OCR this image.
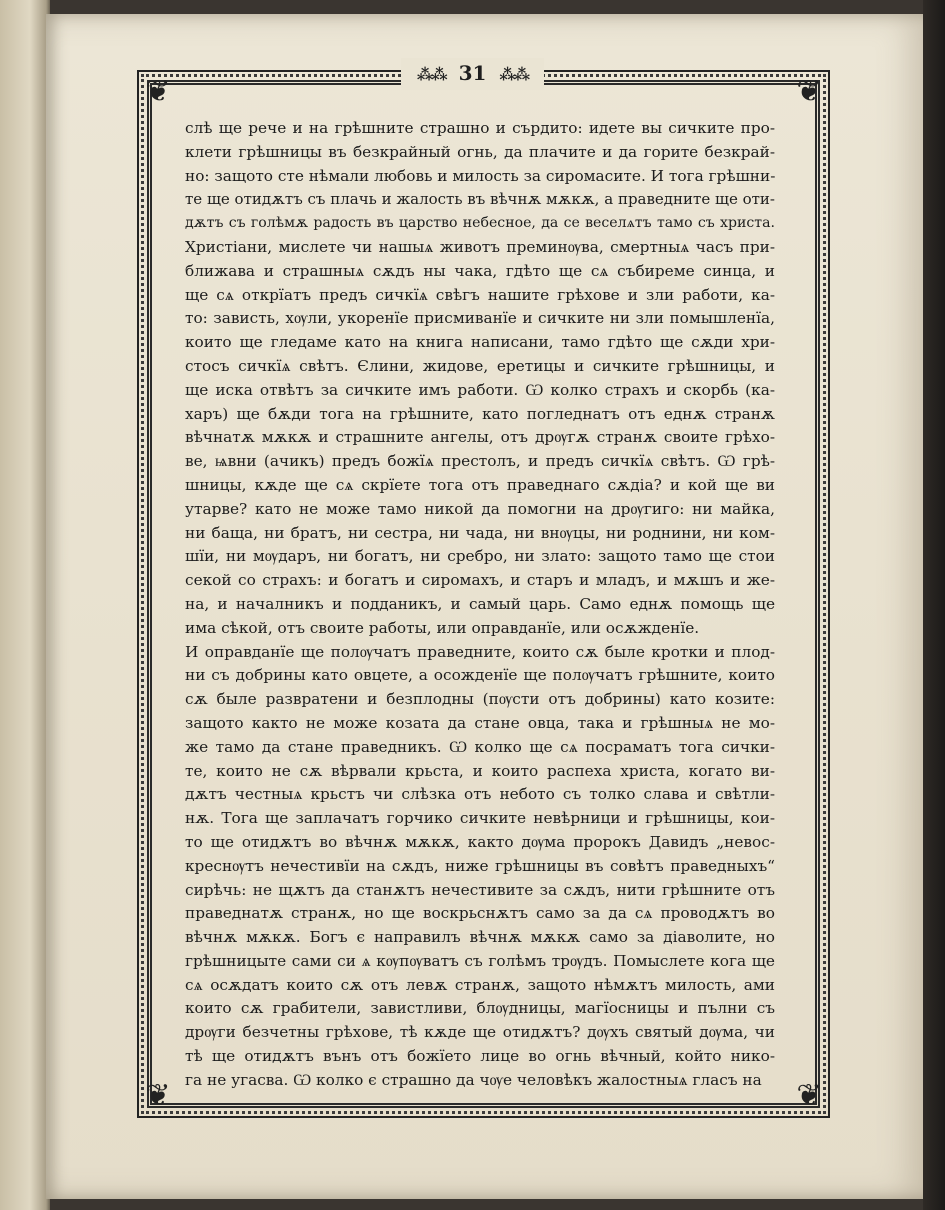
❦	❦
❦	❦
⁂⁂ 31 ⁂⁂
слѣ ще рече и на грѣшните страшно и сърдито: идете вы сичките про-
клети грѣшницы въ безкрайный огнь, да плачите и да горите безкрай-
но: защото сте нѣмали любовь и милость за сиромасите. И тога грѣшни-
те ще отидѫтъ съ плачь и жалость въ вѣчнѫ мѫкѫ, а праведните ще оти-
дѫтъ съ голѣмѫ радость въ царство небесное, да се веселѧтъ тамо съ христа.
Христіани, мислете чи нашыѧ животъ преминѹва, смертныѧ часъ при-
ближава и страшныѧ сѫдъ ны чака, гдѣто ще сѧ събиреме синца, и
ще сѧ открїатъ предъ сичкїѧ свѣгъ нашите грѣхове и зли работи, ка-
то: зависть, хѹли, укоренїе присмиванїе и сичките ни зли помышленїа,
които ще гледаме като на книга написани, тамо гдѣто ще сѫди хри-
стосъ сичкїѧ свѣтъ. Єлини, жидове, еретицы и сичките грѣшницы, и
ще иска отвѣтъ за сичките имъ работи. Ѡ колко страхъ и скорбь (ка-
харъ) ще бѫди тога на грѣшните, като погледнатъ отъ еднѫ странѫ
вѣчнатѫ мѫкѫ и страшните ангелы, отъ дрѹгѫ странѫ своите грѣхо-
ве, ѩвни (ачикъ) предъ божїѧ престолъ, и предъ сичкїѧ свѣтъ. Ѡ грѣ-
шницы, кѫде ще сѧ скрїете тога отъ праведнаго сѫдіа? и кой ще ви
утарве? като не може тамо никой да помогни на дрѹгиго: ни майка,
ни баща, ни братъ, ни сестра, ни чада, ни внѹцы, ни роднини, ни ком-
шїи, ни мѹдаръ, ни богатъ, ни сребро, ни злато: защото тамо ще стои
секой со страхъ: и богатъ и сиромахъ, и старъ и младъ, и мѫшъ и же-
на, и началникъ и подданикъ, и самый царь. Само еднѫ помощь ще
има сѣкой, отъ своите работы, или оправданїе, или осѫжденїе.
И оправданїе ще полѹчатъ праведните, които сѫ быле кротки и плод-
ни съ добрины като овцете, а осожденїе ще полѹчатъ грѣшните, които
сѫ быле развратени и безплодны (пѹсти отъ добрины) като козите:
защото както не може козата да стане овца, така и грѣшныѧ не мо-
же тамо да стане праведникъ. Ѡ колко ще сѧ посраматъ тога сички-
те, които не сѫ вѣрвали крьста, и които распеха христа, когато ви-
дѫтъ честныѧ крьстъ чи слѣзка отъ небото съ толко слава и свѣтли-
нѫ. Тога ще заплачатъ горчико сичките невѣрници и грѣшницы, кои-
то ще отидѫтъ во вѣчнѫ мѫкѫ, както дѹма пророкъ Давидъ „невос-
креснѹтъ нечестивїи на сѫдъ, ниже грѣшницы въ совѣтъ праведныхъ“
сирѣчь: не щѫтъ да станѫтъ нечестивите за сѫдъ, нити грѣшните отъ
праведнатѫ странѫ, но ще воскрьснѫтъ само за да сѧ проводѫтъ во
вѣчнѫ мѫкѫ. Богъ є направилъ вѣчнѫ мѫкѫ само за діаволите, но
грѣшницыте сами си ѧ кѹпѹватъ съ голѣмъ трѹдъ. Помыслете кога ще
сѧ осѫдатъ които сѫ отъ левѫ странѫ, защото нѣмѫтъ милость, ами
които сѫ грабители, завистливи, блѹдницы, магїосницы и пълни съ
дрѹги безчетны грѣхове, тѣ кѫде ще отидѫтъ? дѹхъ святый дѹма, чи
тѣ ще отидѫтъ вънъ отъ божїето лице во огнь вѣчный, който нико-
га не угасва. Ѡ колко є страшно да чѹе человѣкъ жалостныѧ гласъ на
